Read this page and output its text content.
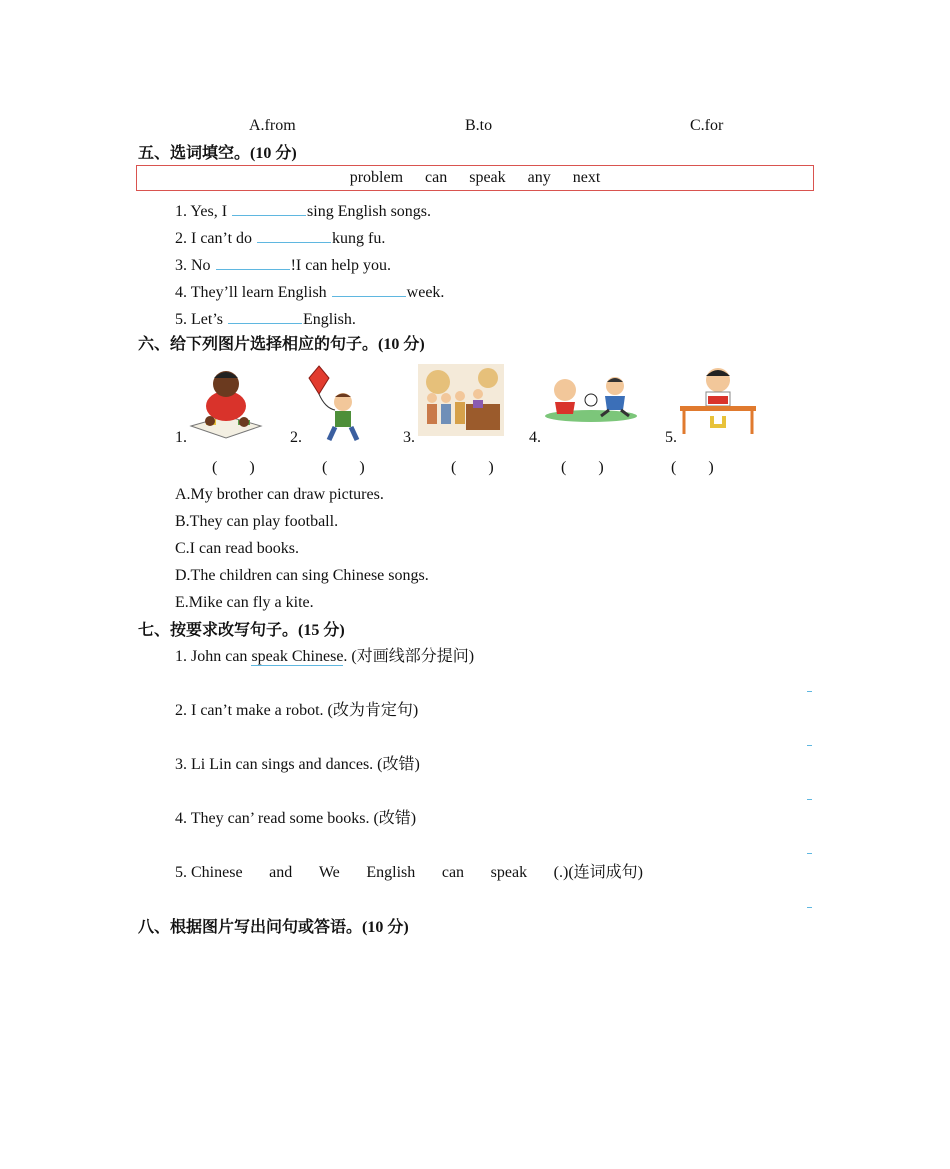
A.from	B.to	C.for
五、选词填空。(10 分)
problem can speak any next
1. Yes, I	sing English songs.
2. I can’t do	kung fu.
3. No	!I can help you.
4. They’ll learn English	week.
5. Let’s	English.
六、给下列图片选择相应的句子。(10 分)
1.	2.	3.	4.	5.
(        )	(        )	(        )	(        )	(        )
A.My brother can draw pictures.
B.They can play football.
C.I can read books.
D.The children can sing Chinese songs.
E.Mike can fly a kite.
七、按要求改写句子。(15 分)
1. John can speak Chinese. (对画线部分提问)
2. I can’t make a robot. (改为肯定句)
3. Li Lin can sings and dances. (改错)
4. They can’ read some books. (改错)
5. Chinese and We English can speak (.)(连词成句)
八、根据图片写出问句或答语。(10 分)
